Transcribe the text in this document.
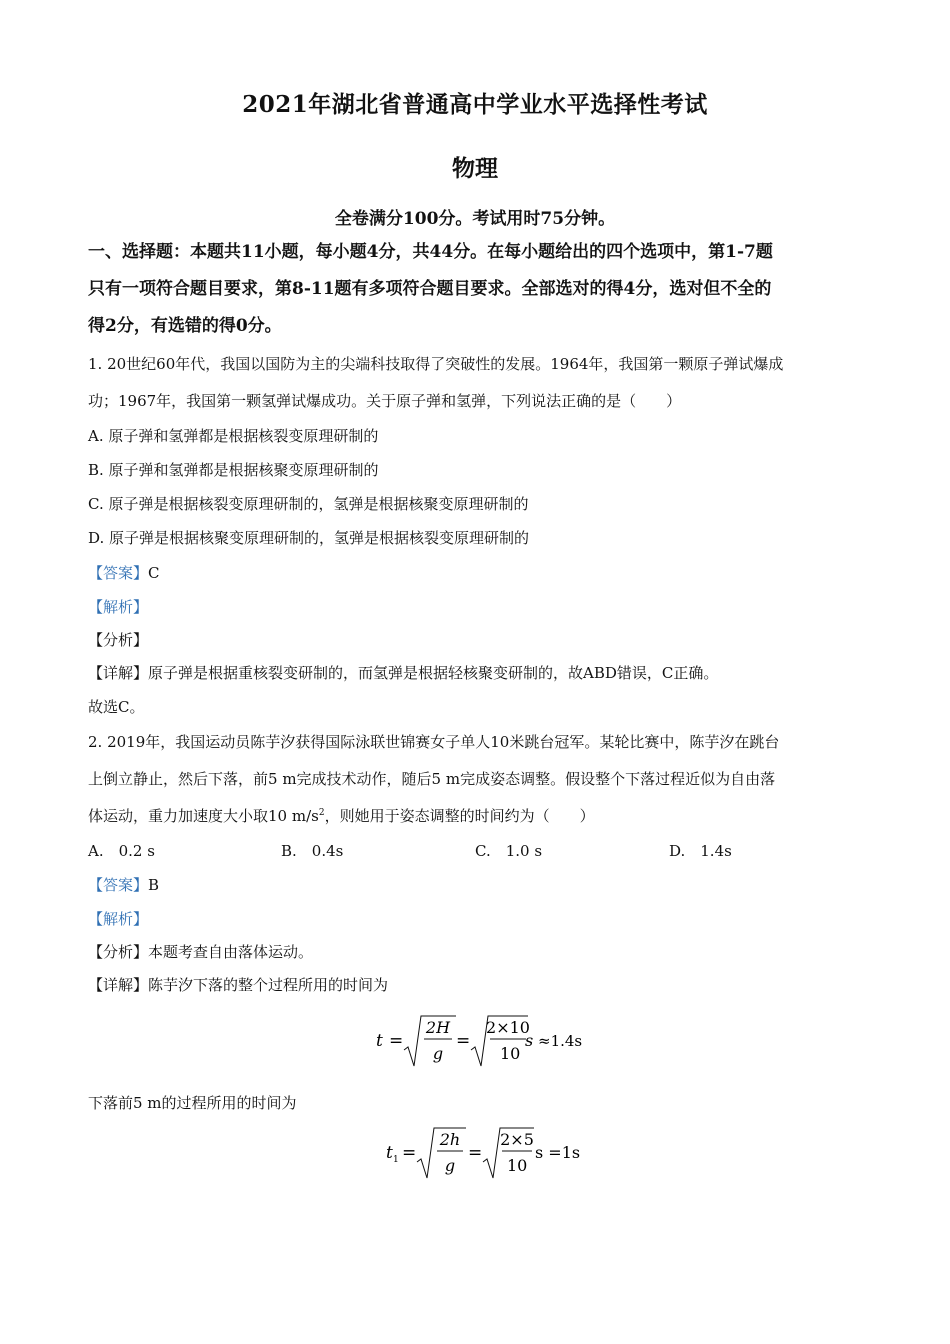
2021年湖北省普通高中学业水平选择性考试
物理
全卷满分100分。考试用时75分钟。
一、选择题：本题共11小题，每小题4分，共44分。在每小题给出的四个选项中，第1-7题
只有一项符合题目要求，第8-11题有多项符合题目要求。全部选对的得4分，选对但不全的
得2分，有选错的得0分。
1. 20世纪60年代，我国以国防为主的尖端科技取得了突破性的发展。1964年，我国第一颗原子弹试爆成
功；1967年，我国第一颗氢弹试爆成功。关于原子弹和氢弹，下列说法正确的是（　　）
A. 原子弹和氢弹都是根据核裂变原理研制的
B. 原子弹和氢弹都是根据核聚变原理研制的
C. 原子弹是根据核裂变原理研制的，氢弹是根据核聚变原理研制的
D. 原子弹是根据核聚变原理研制的，氢弹是根据核裂变原理研制的
【答案】C
【解析】
【分析】
【详解】原子弹是根据重核裂变研制的，而氢弹是根据轻核聚变研制的，故ABD错误，C正确。
故选C。
2. 2019年，我国运动员陈芋汐获得国际泳联世锦赛女子单人10米跳台冠军。某轮比赛中，陈芋汐在跳台
上倒立静止，然后下落，前5 m完成技术动作，随后5 m完成姿态调整。假设整个下落过程近似为自由落
体运动，重力加速度大小取10 $m/s^2$，则她用于姿态调整的时间约为（　　）
A.　0.2 s	B.　0.4s	C.　1.0 s	D.　1.4s
【答案】B
【解析】
【分析】本题考查自由落体运动。
【详解】陈芋汐下落的整个过程所用的时间为
t =
2H
g
=
2×10
10
s ≈1.4s
下落前5 m的过程所用的时间为
t 1 =
2h
g
=
2×5
10
s =1s
